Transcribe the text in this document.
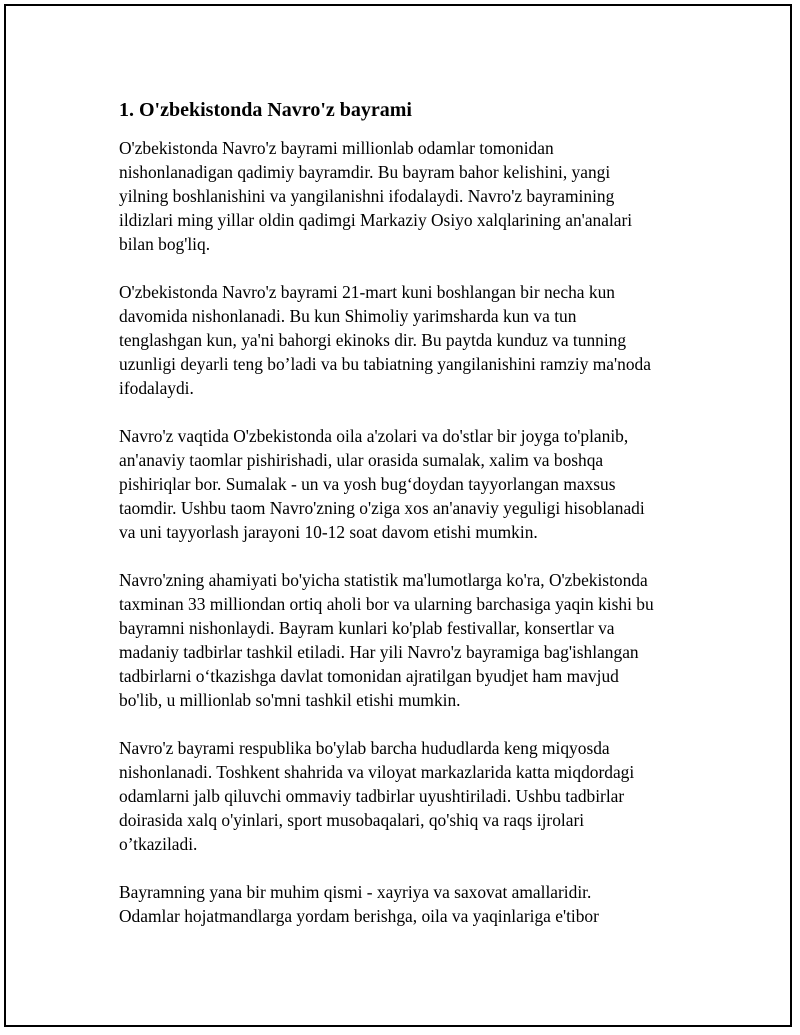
1. O'zbekistonda Navro'z bayrami
O'zbekistonda Navro'z bayrami millionlab odamlar tomonidan
nishonlanadigan qadimiy bayramdir. Bu bayram bahor kelishini, yangi
yilning boshlanishini va yangilanishni ifodalaydi. Navro'z bayramining
ildizlari ming yillar oldin qadimgi Markaziy Osiyo xalqlarining an'analari
bilan bog'liq.
O'zbekistonda Navro'z bayrami 21-mart kuni boshlangan bir necha kun
davomida nishonlanadi. Bu kun Shimoliy yarimsharda kun va tun
tenglashgan kun, ya'ni bahorgi ekinoks dir. Bu paytda kunduz va tunning
uzunligi deyarli teng bo’ladi va bu tabiatning yangilanishini ramziy ma'noda
ifodalaydi.
Navro'z vaqtida O'zbekistonda oila a'zolari va do'stlar bir joyga to'planib,
an'anaviy taomlar pishirishadi, ular orasida sumalak, xalim va boshqa
pishiriqlar bor. Sumalak - un va yosh bug‘doydan tayyorlangan maxsus
taomdir. Ushbu taom Navro'zning o'ziga xos an'anaviy yeguligi hisoblanadi
va uni tayyorlash jarayoni 10-12 soat davom etishi mumkin.
Navro'zning ahamiyati bo'yicha statistik ma'lumotlarga ko'ra, O'zbekistonda
taxminan 33 milliondan ortiq aholi bor va ularning barchasiga yaqin kishi bu
bayramni nishonlaydi. Bayram kunlari ko'plab festivallar, konsertlar va
madaniy tadbirlar tashkil etiladi. Har yili Navro'z bayramiga bag'ishlangan
tadbirlarni o‘tkazishga davlat tomonidan ajratilgan byudjet ham mavjud
bo'lib, u millionlab so'mni tashkil etishi mumkin.
Navro'z bayrami respublika bo'ylab barcha hududlarda keng miqyosda
nishonlanadi. Toshkent shahrida va viloyat markazlarida katta miqdordagi
odamlarni jalb qiluvchi ommaviy tadbirlar uyushtiriladi. Ushbu tadbirlar
doirasida xalq o'yinlari, sport musobaqalari, qo'shiq va raqs ijrolari
o’tkaziladi.
Bayramning yana bir muhim qismi - xayriya va saxovat amallaridir.
Odamlar hojatmandlarga yordam berishga, oila va yaqinlariga e'tibor
